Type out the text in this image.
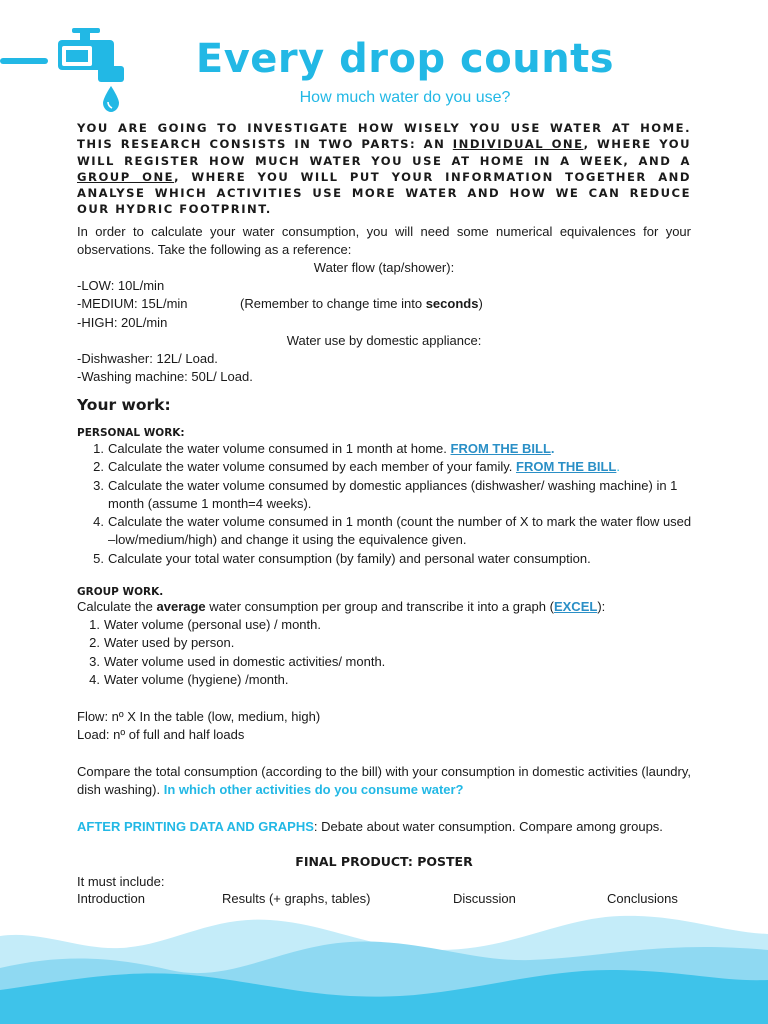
Every drop counts
How much water do you use?
YOU ARE GOING TO INVESTIGATE HOW WISELY YOU USE WATER AT HOME. THIS RESEARCH CONSISTS IN TWO PARTS: AN INDIVIDUAL ONE, WHERE YOU WILL REGISTER HOW MUCH WATER YOU USE AT HOME IN A WEEK, AND A GROUP ONE, WHERE YOU WILL PUT YOUR INFORMATION TOGETHER AND ANALYSE WHICH ACTIVITIES USE MORE WATER AND HOW WE CAN REDUCE OUR HYDRIC FOOTPRINT.
In order to calculate your water consumption, you will need some numerical equivalences for your observations. Take the following as a reference:
Water flow (tap/shower):
-LOW: 10L/min
-MEDIUM: 15L/min	(Remember to change time into seconds)
-HIGH: 20L/min
Water use by domestic appliance:
-Dishwasher: 12L/ Load.
-Washing machine: 50L/ Load.
Your work:
PERSONAL WORK:
1. Calculate the water volume consumed in 1 month at home. FROM THE BILL.
2. Calculate the water volume consumed by each member of your family. FROM THE BILL.
3. Calculate the water volume consumed by domestic appliances (dishwasher/ washing machine) in 1 month (assume 1 month=4 weeks).
4. Calculate the water volume consumed in 1 month (count the number of X to mark the water flow used –low/medium/high) and change it using the equivalence given.
5. Calculate your total water consumption (by family) and personal water consumption.
GROUP WORK.
Calculate the average water consumption per group and transcribe it into a graph (EXCEL):
1. Water volume (personal use) / month.
2. Water used by person.
3. Water volume used in domestic activities/ month.
4. Water volume (hygiene) /month.
Flow: nº X In the table (low, medium, high)
Load: nº of full and half loads
Compare the total consumption (according to the bill) with your consumption in domestic activities (laundry, dish washing). In which other activities do you consume water?
AFTER PRINTING DATA AND GRAPHS: Debate about water consumption. Compare among groups.
FINAL PRODUCT: POSTER
It must include:
Introduction	Results (+ graphs, tables)	Discussion	Conclusions
